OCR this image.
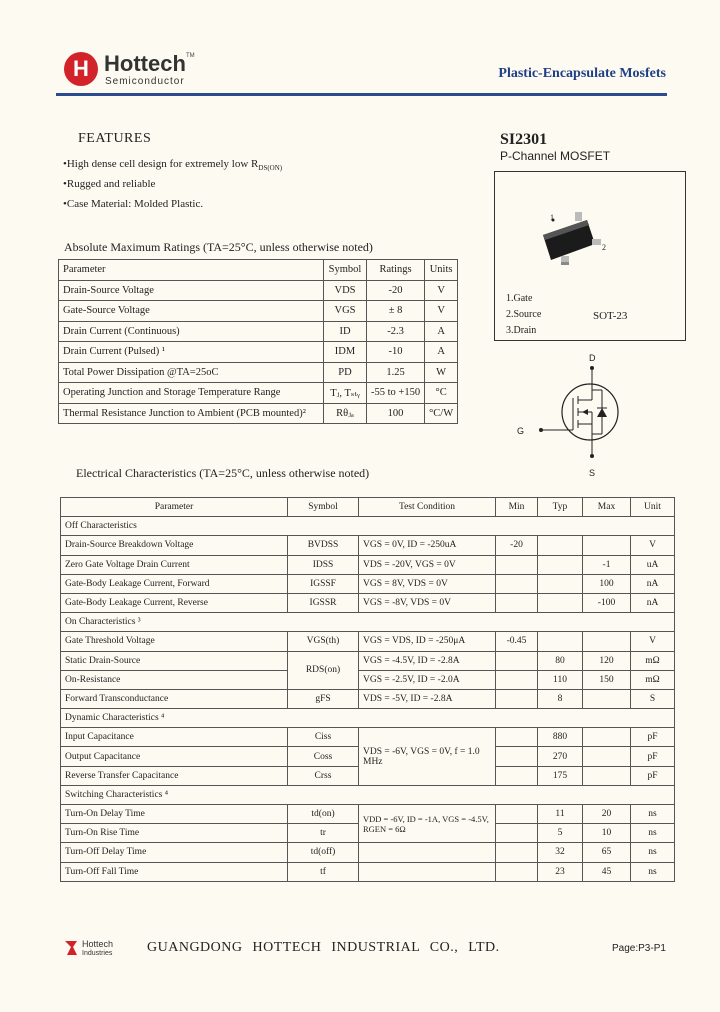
H Hottech TM
Semiconductor
Plastic-Encapsulate Mosfets
FEATURES
•High dense cell design for extremely low $R_{DS(ON)}$
•Rugged and reliable
•Case Material: Molded Plastic.
SI2301
P-Channel MOSFET
1
2
1.Gate
2.Source
3.Drain
SOT-23
D
G
S
Absolute Maximum Ratings (TA=25°C, unless otherwise noted)
Parameter	Symbol	Ratings	Units
Drain-Source Voltage	VDS	-20	V
Gate-Source Voltage	VGS	± 8	V
Drain Current (Continuous)	ID	-2.3	A
Drain Current (Pulsed) ¹	IDM	-10	A
Total Power Dissipation @TA=25oC	PD	1.25	W
Operating Junction and Storage Temperature Range	Tⱼ, Tₛₜᵧ	-55 to +150	°C
Thermal Resistance Junction to Ambient (PCB mounted)²	Rθⱼₐ	100	°C/W
Electrical Characteristics (TA=25°C, unless otherwise noted)
Parameter	Symbol	Test Condition	Min	Typ	Max	Unit
Off Characteristics						
Drain-Source Breakdown Voltage	BVDSS	VGS = 0V, ID = -250uA	-20			V
Zero Gate Voltage Drain Current	IDSS	VDS = -20V, VGS = 0V			-1	uA
Gate-Body Leakage Current, Forward	IGSSF	VGS = 8V, VDS = 0V			100	nA
Gate-Body Leakage Current, Reverse	IGSSR	VGS = -8V, VDS = 0V			-100	nA
On Characteristics ³						
Gate Threshold Voltage	VGS(th)	VGS = VDS, ID = -250μA	-0.45			V
Static Drain-Source	RDS(on)	VGS = -4.5V, ID = -2.8A		80	120	mΩ
On-Resistance		VGS = -2.5V, ID = -2.0A		110	150	mΩ
Forward Transconductance	gFS	VDS = -5V, ID = -2.8A		8		S
Dynamic Characteristics ⁴						
Input Capacitance	Ciss	VDS = -6V, VGS = 0V, f = 1.0 MHz		880		pF
Output Capacitance	Coss			270		pF
Reverse Transfer Capacitance	Crss			175		pF
Switching Characteristics ⁴						
Turn-On Delay Time	td(on)	VDD = -6V, ID = -1A, VGS = -4.5V, RGEN = 6Ω		11	20	ns
Turn-On Rise Time	tr			5	10	ns
Turn-Off Delay Time	td(off)			32	65	ns
Turn-Off Fall Time	tf			23	45	ns
Hottech
Industries GUANGDONG HOTTECH INDUSTRIAL CO., LTD.	Page:P3-P1
